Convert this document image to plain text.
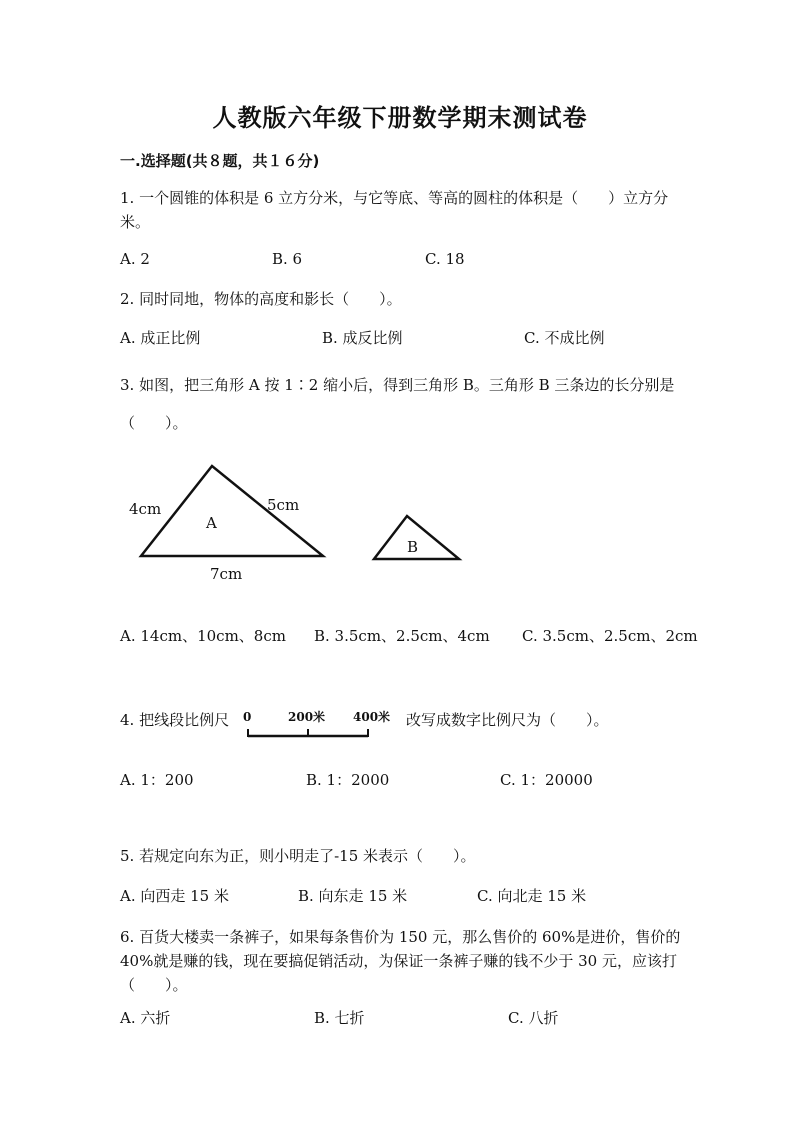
人教版六年级下册数学期末测试卷
一.选择题(共８题，共１６分)
1. 一个圆锥的体积是 6 立方分米，与它等底、等高的圆柱的体积是（　　）立方分米。
A. 2	B. 6	C. 18
2. 同时同地，物体的高度和影长（　　）。
A. 成正比例	B. 成反比例	C. 不成比例
3. 如图，把三角形 A 按 1∶2 缩小后，得到三角形 B。三角形 B 三条边的长分别是（　　）。
A
4cm	5cm
7cm
B
A. 14cm、10cm、8cm B. 3.5cm、2.5cm、4cm C. 3.5cm、2.5cm、2cm
4. 把线段比例尺 0	200米 400米 改写成数字比例尺为（　　）。
A. 1：200	B. 1：2000	C. 1：20000
5. 若规定向东为正，则小明走了-15 米表示（　　）。
A. 向西走 15 米	B. 向东走 15 米	C. 向北走 15 米
6. 百货大楼卖一条裤子，如果每条售价为 150 元，那么售价的 60%是进价，售价的 40%就是赚的钱，现在要搞促销活动，为保证一条裤子赚的钱不少于 30 元，应该打（　　）。
A. 六折	B. 七折	C. 八折
